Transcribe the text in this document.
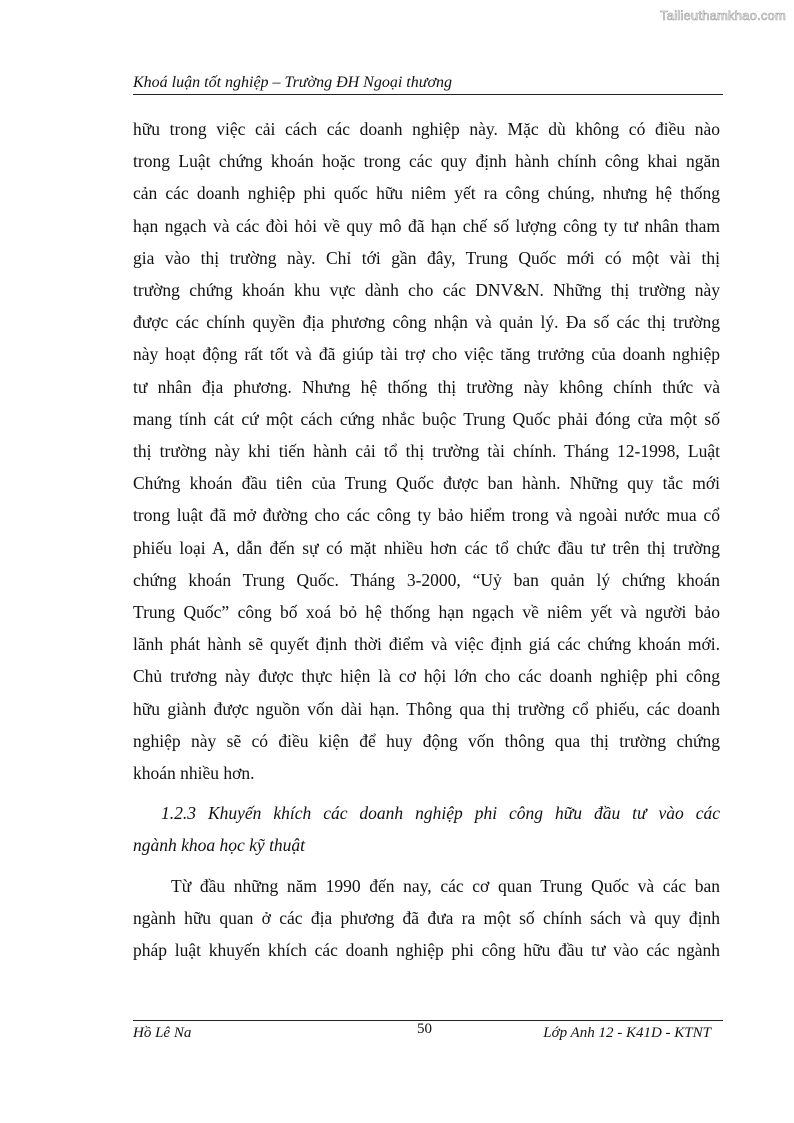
Tailieuthamkhao.com
Khoá luận tốt nghiệp – Trường ĐH Ngoại thương

hữu trong việc cải cách các doanh nghiệp này. Mặc dù không có điều nào
trong Luật chứng khoán hoặc trong các quy định hành chính công khai ngăn
cản các doanh nghiệp phi quốc hữu niêm yết ra công chúng, nhưng hệ thống
hạn ngạch và các đòi hỏi về quy mô đã hạn chế số lượng công ty tư nhân tham
gia vào thị trường này. Chỉ tới gần đây, Trung Quốc mới có một vài thị
trường chứng khoán khu vực dành cho các DNV&N. Những thị trường này
được các chính quyền địa phương công nhận và quản lý. Đa số các thị trường
này hoạt động rất tốt và đã giúp tài trợ cho việc tăng trưởng của doanh nghiệp
tư nhân địa phương. Nhưng hệ thống thị trường này không chính thức và
mang tính cát cứ một cách cứng nhắc buộc Trung Quốc phải đóng cửa một số
thị trường này khi tiến hành cải tổ thị trường tài chính. Tháng 12-1998, Luật
Chứng khoán đầu tiên của Trung Quốc được ban hành. Những quy tắc mới
trong luật đã mở đường cho các công ty bảo hiểm trong và ngoài nước mua cổ
phiếu loại A, dẫn đến sự có mặt nhiều hơn các tổ chức đầu tư trên thị trường
chứng khoán Trung Quốc. Tháng 3-2000, “Uỷ ban quản lý chứng khoán
Trung Quốc” công bố xoá bỏ hệ thống hạn ngạch về niêm yết và người bảo
lãnh phát hành sẽ quyết định thời điểm và việc định giá các chứng khoán mới.
Chủ trương này được thực hiện là cơ hội lớn cho các doanh nghiệp phi công
hữu giành được nguồn vốn dài hạn. Thông qua thị trường cổ phiếu, các doanh
nghiệp này sẽ có điều kiện để huy động vốn thông qua thị trường chứng
khoán nhiều hơn.

1.2.3 Khuyến khích các doanh nghiệp phi công hữu đầu tư vào các
ngành khoa học kỹ thuật

Từ đầu những năm 1990 đến nay, các cơ quan Trung Quốc và các ban
ngành hữu quan ở các địa phương đã đưa ra một số chính sách và quy định
pháp luật khuyến khích các doanh nghiệp phi công hữu đầu tư vào các ngành

Hồ Lê Na	50	Lớp Anh 12 - K41D - KTNT
